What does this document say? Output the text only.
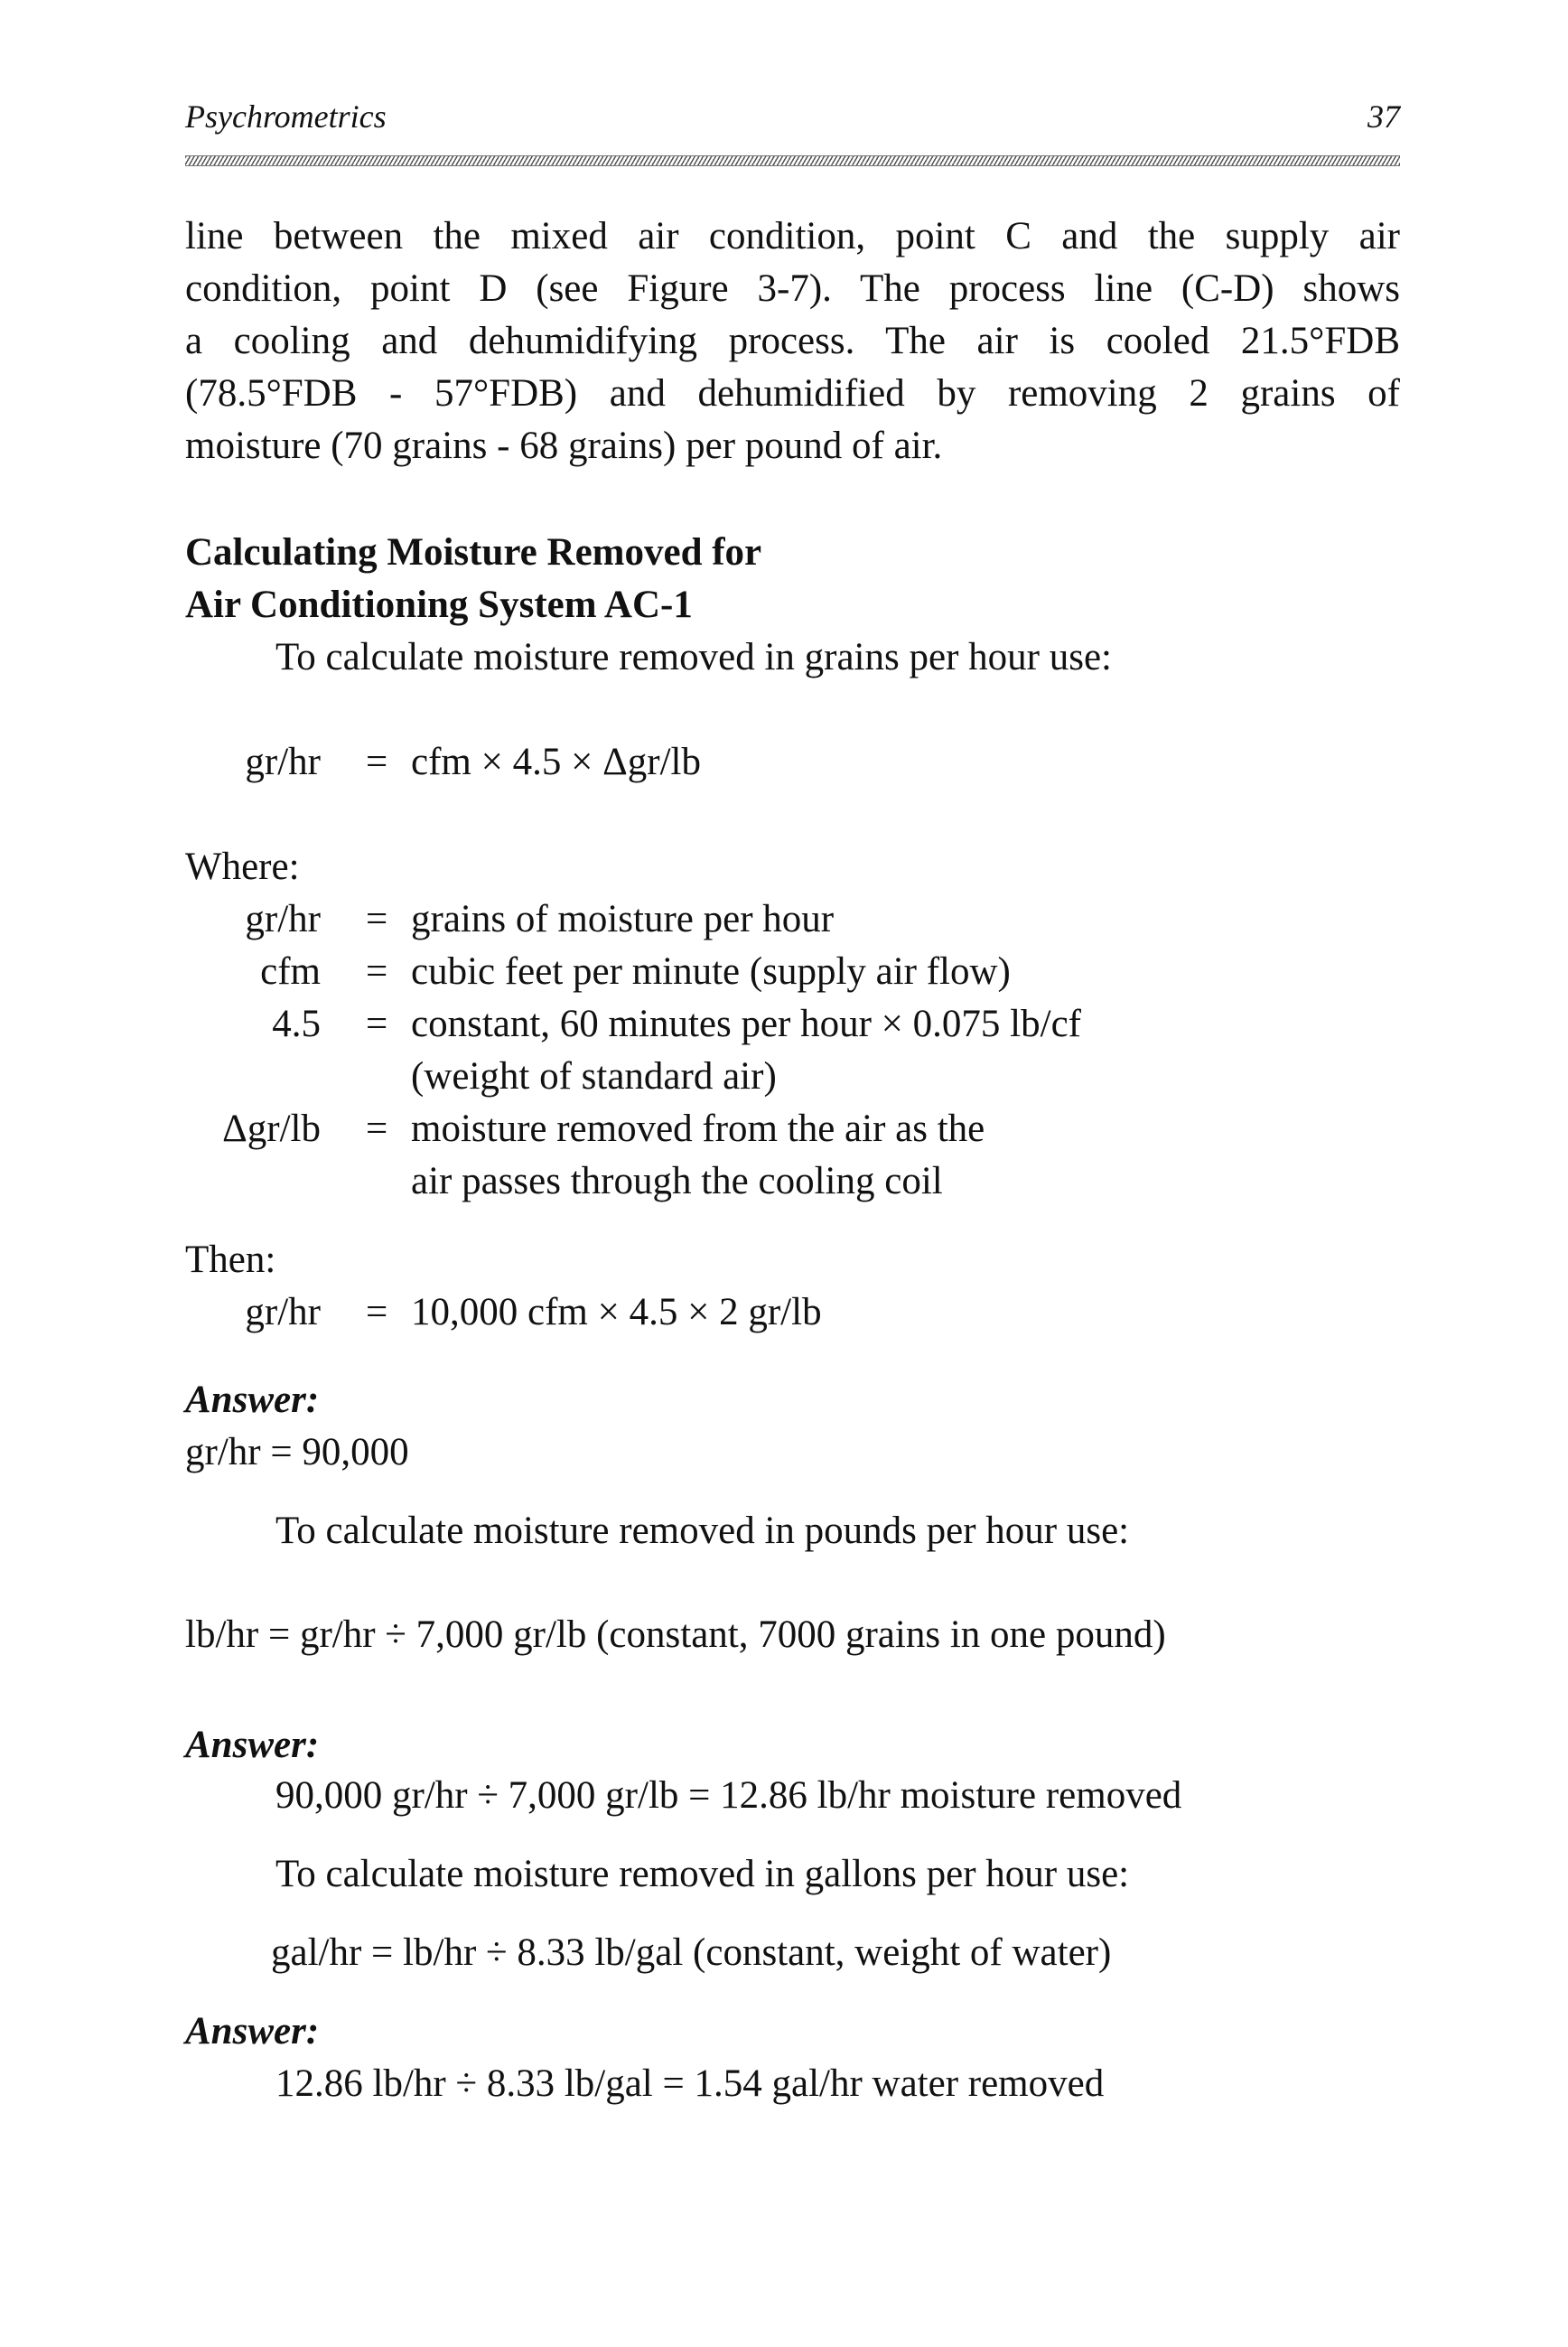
Psychrometrics	37
line between the mixed air condition, point C and the supply air
condition, point D (see Figure 3-7). The process line (C-D) shows
a cooling and dehumidifying process. The air is cooled 21.5°FDB
(78.5°FDB - 57°FDB) and dehumidified by removing 2 grains of
moisture (70 grains - 68 grains) per pound of air.
Calculating Moisture Removed for
Air Conditioning System AC-1
To calculate moisture removed in grains per hour use:
gr/hr = cfm × 4.5 × Δgr/lb
Where:
gr/hr = grains of moisture per hour
cfm = cubic feet per minute (supply air flow)
4.5 = constant, 60 minutes per hour × 0.075 lb/cf
(weight of standard air)
Δgr/lb = moisture removed from the air as the
air passes through the cooling coil
Then:
gr/hr = 10,000 cfm × 4.5 × 2 gr/lb
Answer:
gr/hr = 90,000
To calculate moisture removed in pounds per hour use:
lb/hr = gr/hr ÷ 7,000 gr/lb (constant, 7000 grains in one pound)
Answer:
90,000 gr/hr ÷ 7,000 gr/lb = 12.86 lb/hr moisture removed
To calculate moisture removed in gallons per hour use:
gal/hr = lb/hr ÷ 8.33 lb/gal (constant, weight of water)
Answer:
12.86 lb/hr ÷ 8.33 lb/gal = 1.54 gal/hr water removed
